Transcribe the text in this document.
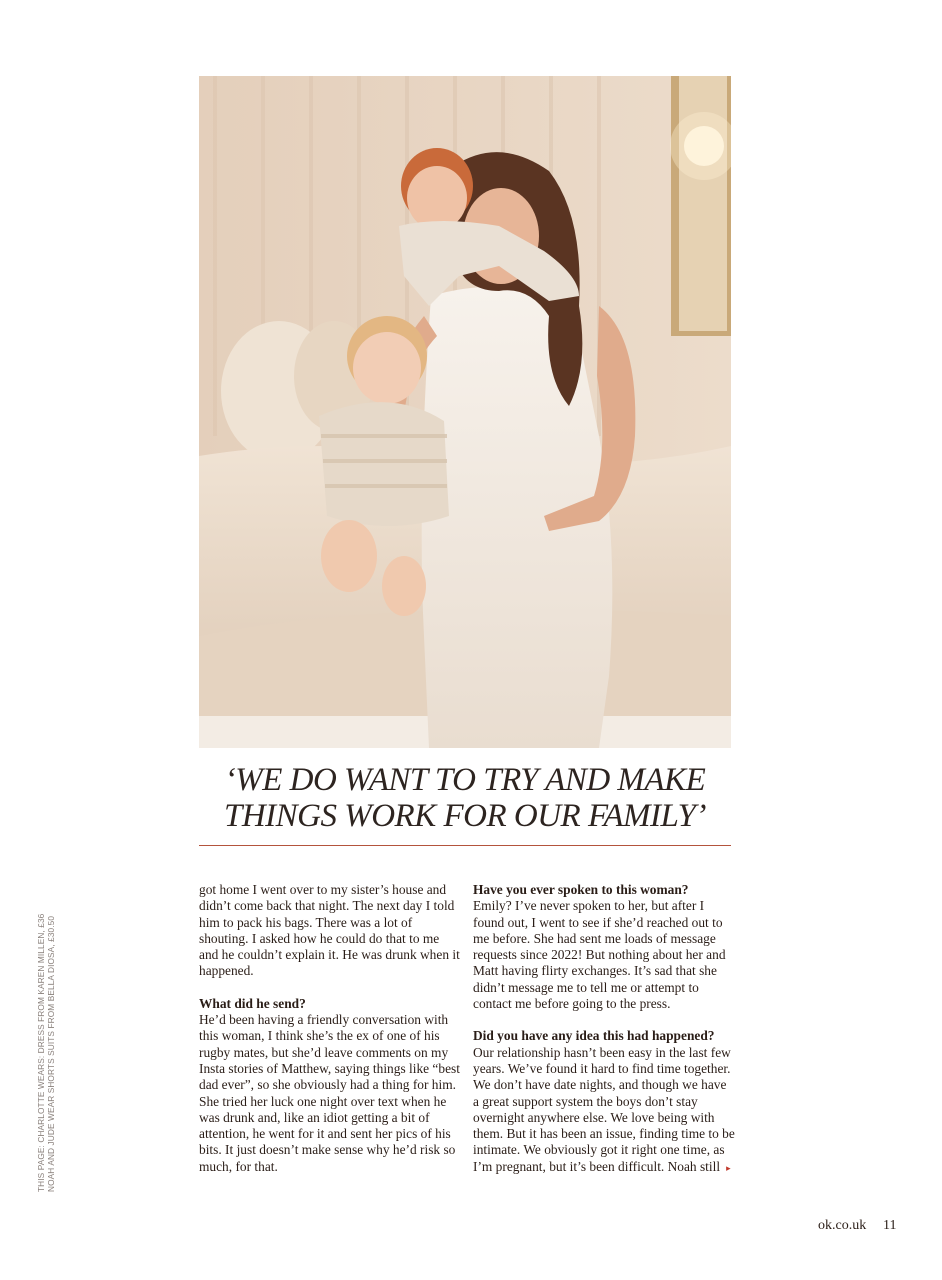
‘WE DO WANT TO TRY AND MAKE
THINGS WORK FOR OUR FAMILY’

got home I went over to my sister’s house and didn’t come back that night. The next day I told him to pack his bags. There was a lot of shouting. I asked how he could do that to me and he couldn’t explain it. He was drunk when it happened.

What did he send?

He’d been having a friendly conversation with this woman, I think she’s the ex of one of his rugby mates, but she’d leave comments on my Insta stories of Matthew, saying things like “best dad ever”, so she obviously had a thing for him. She tried her luck one night over text when he was drunk and, like an idiot getting a bit of attention, he went for it and sent her pics of his bits. It just doesn’t make sense why he’d risk so much, for that.

Have you ever spoken to this woman?

Emily? I’ve never spoken to her, but after I found out, I went to see if she’d reached out to me before. She had sent me loads of message requests since 2022! But nothing about her and Matt having flirty exchanges. It’s sad that she didn’t message me to tell me or attempt to contact me before going to the press.

Did you have any idea this had happened?

Our relationship hasn’t been easy in the last few years. We’ve found it hard to find time together. We don’t have date nights, and though we have a great support system the boys don’t stay overnight anywhere else. We love being with them. But it has been an issue, finding time to be intimate. We obviously got it right one time, as I’m pregnant, but it’s been difficult. Noah still ▸

THIS PAGE: CHARLOTTE WEARS: DRESS FROM KAREN MILLEN, £36 NOAH AND JUDE WEAR SHORTS SUITS FROM BELLA DIOSA, £30.50
ok.co.uk 11
